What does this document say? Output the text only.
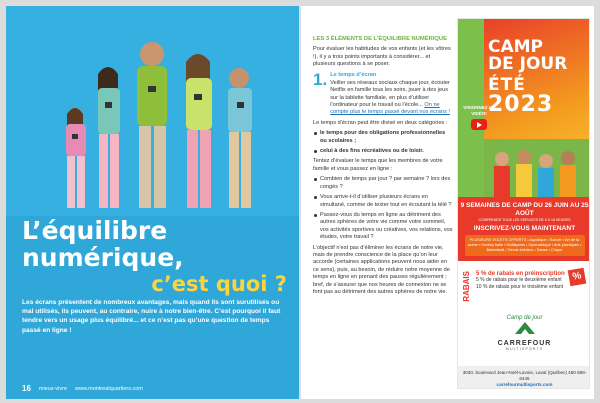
L’équilibre
numérique,
c’est quoi ?

Les écrans présentent de nombreux avantages, mais quand ils sont surutilisés ou mal utilisés, ils peuvent, au contraire, nuire à notre bien-être. C’est pourquoi il faut tendre vers un usage plus équilibré... et ce n’est pas qu’une question de temps passé en ligne !

16 mieux-vivre www.montrealquartiers.com
LES 3 ÉLÉMENTS DE L’ÉQUILIBRE NUMÉRIQUE

Pour évaluer les habitudes de vos enfants (et les vôtres !), il y a trois points importants à considérer... et plusieurs questions à se poser.

1. Le temps d’écran
Veiller ses réseaux sociaux chaque jour, écouter Netflix en famille tous les soirs, jouer à des jeux sur la tablette familiale, en plus d’utiliser l’ordinateur pour le travail ou l’école... On ne compte plus le temps passé devant nos écrans !

Le temps d’écran peut être divisé en deux catégories :

le temps pour des obligations professionnelles ou scolaires ;
celui à des fins récréatives ou de loisir.

Tentez d’évaluer le temps que les membres de votre famille et vous passez en ligne :

Combien de temps par jour ? par semaine ? lors des congés ?
Vous arrive-t-il d’utiliser plusieurs écrans en simultané, comme de texter tout en écoutant la télé ?
Passez-vous du temps en ligne au détriment des autres sphères de votre vie comme votre sommeil, vos activités sportives ou créatives, vos relations, vos études, votre travail ?

L’objectif n’est pas d’éliminer les écrans de notre vie, mais de prendre conscience de la place qu’on leur accorde (certaines applications peuvent nous aider en ce sens), puis, au besoin, de réduire notre moyenne de temps en ligne en prenant des pauses régulièrement ; bref, de s’assurer que nos heures de connexion ne se font pas au détriment des autres sphères de notre vie.

CAMP
DE JOUR
ÉTÉ
2023
VISIONNEZ LA VIDÉO!
9 SEMAINES DE CAMP DU 26 JUIN AU 25 AOÛT
COMPRENDS TOUS LES SERVICES DE 6 À 18 HEURES
INSCRIVEZ-VOUS MAINTENANT
PLUSIEURS VOLETS OFFERTS • Aquatique • Soccer • Art de la scène • Hockey balle • Multisports • Gymnastique • Arts plastiques • Basketball • Tennis intérieur • Danse • Cirque
RABAIS 5 % de rabais en préinscription
5 % de rabais pour le deuxième enfant
10 % de rabais pour le troisième enfant
%
Camp de jour
CARREFOUR
MULTISPORTS
3030, boulevard Jean-Noël-Lavoie, Laval (Québec) 450 688-6446
carrefourmultisports.com
